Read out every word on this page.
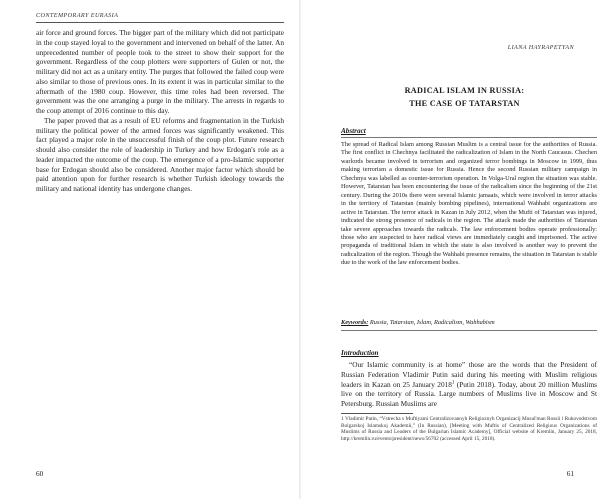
CONTEMPORARY EURASIA

air force and ground forces. The bigger part of the military which did not participate in the coup stayed loyal to the government and intervened on behalf of the latter. An unprecedented number of people took to the street to show their support for the government. Regardless of the coup plotters were supporters of Gulen or not, the military did not act as a unitary entity. The purges that followed the failed coup were also similar to those of previous ones. In its extent it was in particular similar to the aftermath of the 1980 coup. However, this time roles had been reversed. The government was the one arranging a purge in the military. The arrests in regards to the coup attempt of 2016 continue to this day.

The paper proved that as a result of EU reforms and fragmentation in the Turkish military the political power of the armed forces was significantly weakened. This fact played a major role in the unsuccessful finish of the coup plot. Future research should also consider the role of leadership in Turkey and how Erdogan's role as a leader impacted the outcome of the coup. The emergence of a pro-Islamic supporter base for Erdogan should also be considered. Another major factor which should be paid attention upon for further research is whether Turkish ideology towards the military and national identity has undergone changes.

60
LIANA HAYRAPETYAN
RADICAL ISLAM IN RUSSIA:
THE CASE OF TATARSTAN
Abstract

The spread of Radical Islam among Russian Muslim is a central issue for the authorities of Russia. The first conflict in Chechnya facilitated the radicalization of Islam in the North Caucasus. Chechen warlords became involved in terrorism and organized terror bombings in Moscow in 1999, thus making terrorism a domestic issue for Russia. Hence the second Russian military campaign in Chechnya was labelled as counter-terrorism operation. In Volga-Ural region the situation was stable. However, Tatarstan has been encountering the issue of the radicalism since the beginning of the 21st century. During the 2010s there were several Islamic jamaats, which were involved in terror attacks in the territory of Tatarstan (mainly bombing pipelines), international Wahhabi organizations are active in Tatarstan. The terror attack in Kazan in July 2012, when the Mufti of Tatarstan was injured, indicated the strong presence of radicals in the region. The attack made the authorities of Tatarstan take severe approaches towards the radicals. The law enforcement bodies operate professionally: those who are suspected to have radical views are immediately caught and imprisoned. The active propaganda of traditional Islam in which the state is also involved is another way to prevent the radicalization of the region. Though the Wahhabi presence remains, the situation in Tatarstan is stable due to the work of the law enforcement bodies.

Keywords: Russia, Tatarstan, Islam, Radicalism, Wahhabism
Introduction

“Our Islamic community is at home” those are the words that the President of Russian Federation Vladimir Putin said during his meeting with Muslim religious leaders in Kazan on 25 January 2018$^1$ (Putin 2018). Today, about 20 million Muslims live on the territory of Russia. Large numbers of Muslims live in Moscow and St Petersburg. Russian Muslims are

1 Vladimir Putin, “Vstrecha s Muftiyami Centralizovannyh Religioznyh Organizacij Musul'man Rossii i Rukovodstvom Bolgarskoj Islamskoj Akademii,” (In Russian), [Meeting with Muftis of Centralized Religious Organizations of Muslims of Russia and Leaders of the Bulgarian Islamic Academy], Official website of Kremlin, January 25, 2018, http://kremlin.ru/events/president/news/56702 (accessed April 15, 2018).

61
